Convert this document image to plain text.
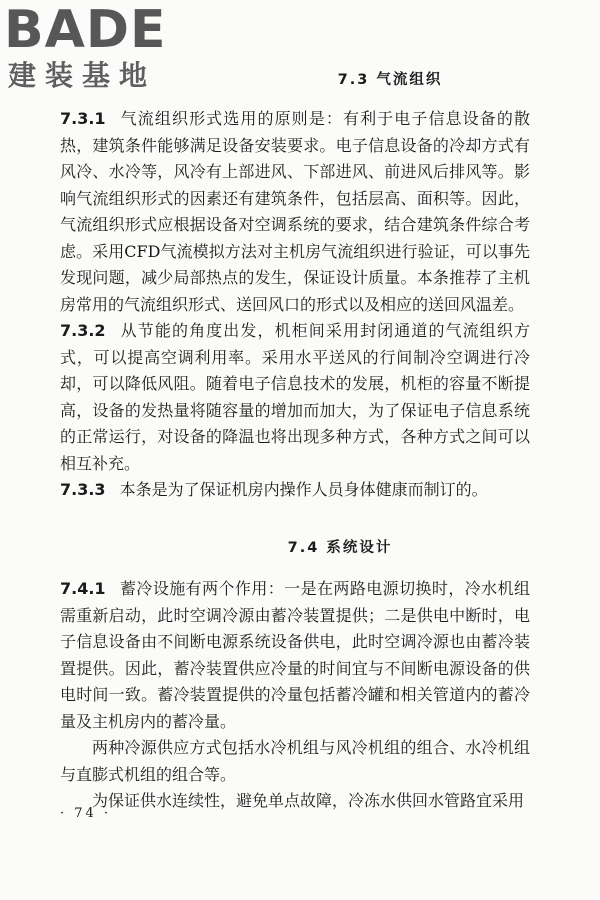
BADE
建装基地	7.3 气流组织

7.3.1 气流组织形式选用的原则是：有利于电子信息设备的散热，建筑条件能够满足设备安装要求。电子信息设备的冷却方式有风冷、水冷等，风冷有上部进风、下部进风、前进风后排风等。影响气流组织形式的因素还有建筑条件，包括层高、面积等。因此，气流组织形式应根据设备对空调系统的要求，结合建筑条件综合考虑。采用CFD气流模拟方法对主机房气流组织进行验证，可以事先发现问题，减少局部热点的发生，保证设计质量。本条推荐了主机房常用的气流组织形式、送回风口的形式以及相应的送回风温差。

7.3.2 从节能的角度出发，机柜间采用封闭通道的气流组织方式，可以提高空调利用率。采用水平送风的行间制冷空调进行冷却，可以降低风阻。随着电子信息技术的发展，机柜的容量不断提高，设备的发热量将随容量的增加而加大，为了保证电子信息系统的正常运行，对设备的降温也将出现多种方式，各种方式之间可以相互补充。

7.3.3 本条是为了保证机房内操作人员身体健康而制订的。

7.4 系统设计

7.4.1 蓄冷设施有两个作用：一是在两路电源切换时，冷水机组需重新启动，此时空调冷源由蓄冷装置提供；二是供电中断时，电子信息设备由不间断电源系统设备供电，此时空调冷源也由蓄冷装置提供。因此，蓄冷装置供应冷量的时间宜与不间断电源设备的供电时间一致。蓄冷装置提供的冷量包括蓄冷罐和相关管道内的蓄冷量及主机房内的蓄冷量。

两种冷源供应方式包括水冷机组与风冷机组的组合、水冷机组与直膨式机组的组合等。

为保证供水连续性，避免单点故障，冷冻水供回水管路宜采用

· 74 ·
